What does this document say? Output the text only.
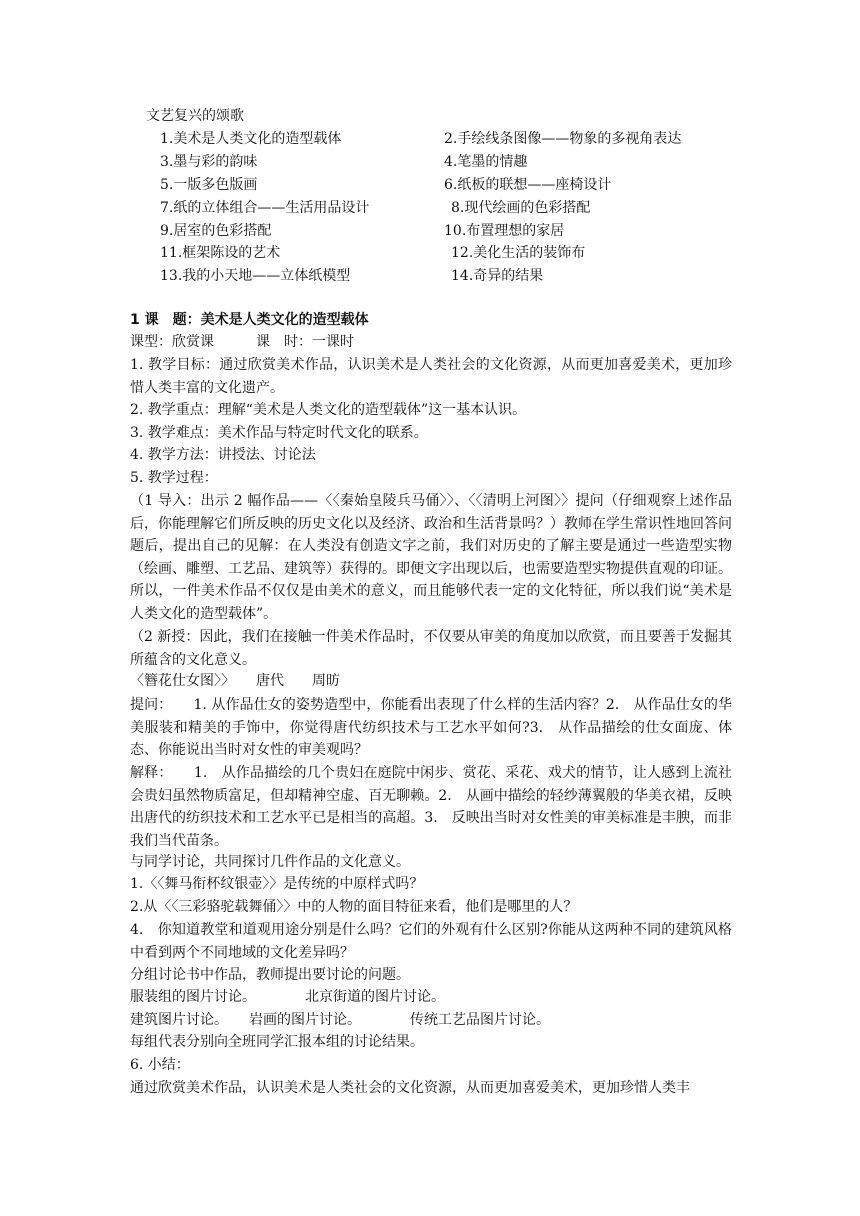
文艺复兴的颂歌
1.美术是人类文化的造型载体	2.手绘线条图像——物象的多视角表达
3.墨与彩的韵味	4.笔墨的情趣
5.一版多色版画	6.纸板的联想——座椅设计
7.纸的立体组合——生活用品设计	8.现代绘画的色彩搭配
9.居室的色彩搭配	10.布置理想的家居
11.框架陈设的艺术	12.美化生活的装饰布
13.我的小天地——立体纸模型	14.奇异的结果
1 课　题：美术是人类文化的造型载体
课型：欣赏课　　　课　时：一课时
1. 教学目标：通过欣赏美术作品，认识美术是人类社会的文化资源，从而更加喜爱美术，更加珍惜人类丰富的文化遗产。
2. 教学重点：理解“美术是人类文化的造型载体”这一基本认识。
3. 教学难点：美术作品与特定时代文化的联系。
4. 教学方法：讲授法、讨论法
5. 教学过程：
（1 导入：出示 2 幅作品——〈〈秦始皇陵兵马俑〉〉、〈〈清明上河图〉〉提问（仔细观察上述作品后，你能理解它们所反映的历史文化以及经济、政治和生活背景吗？）教师在学生常识性地回答问题后，提出自己的见解：在人类没有创造文字之前，我们对历史的了解主要是通过一些造型实物（绘画、雕塑、工艺品、建筑等）获得的。即便文字出现以后，也需要造型实物提供直观的印证。所以，一件美术作品不仅仅是由美术的意义，而且能够代表一定的文化特征，所以我们说“美术是人类文化的造型载体”。
（2 新授：因此，我们在接触一件美术作品时，不仅要从审美的角度加以欣赏，而且要善于发掘其所蕴含的文化意义。
〈簪花仕女图〉〉　　唐代　　周昉
提问：　　1. 从作品仕女的姿势造型中，你能看出表现了什么样的生活内容？2.　从作品仕女的华美服装和精美的手饰中，你觉得唐代纺织技术与工艺水平如何?3.　从作品描绘的仕女面庞、体态、你能说出当时对女性的审美观吗？
解释：　　1.　从作品描绘的几个贵妇在庭院中闲步、赏花、采花、戏犬的情节，让人感到上流社会贵妇虽然物质富足，但却精神空虚、百无聊赖。2.　从画中描绘的轻纱薄翼般的华美衣裙，反映出唐代的纺织技术和工艺水平已是相当的高超。3.　反映出当时对女性美的审美标准是丰腴，而非我们当代苗条。
与同学讨论，共同探讨几件作品的文化意义。
1.〈〈舞马衔杯纹银壶〉〉是传统的中原样式吗？
2.从〈〈三彩骆驼载舞俑〉〉中的人物的面目特征来看，他们是哪里的人？
4.　你知道教堂和道观用途分别是什么吗？它们的外观有什么区别?你能从这两种不同的建筑风格中看到两个不同地域的文化差异吗？
分组讨论书中作品，教师提出要讨论的问题。
服装组的图片讨论。　　　　北京街道的图片讨论。
建筑图片讨论。　　岩画的图片讨论。　　　　传统工艺品图片讨论。
每组代表分别向全班同学汇报本组的讨论结果。
6. 小结：
通过欣赏美术作品，认识美术是人类社会的文化资源，从而更加喜爱美术，更加珍惜人类丰
